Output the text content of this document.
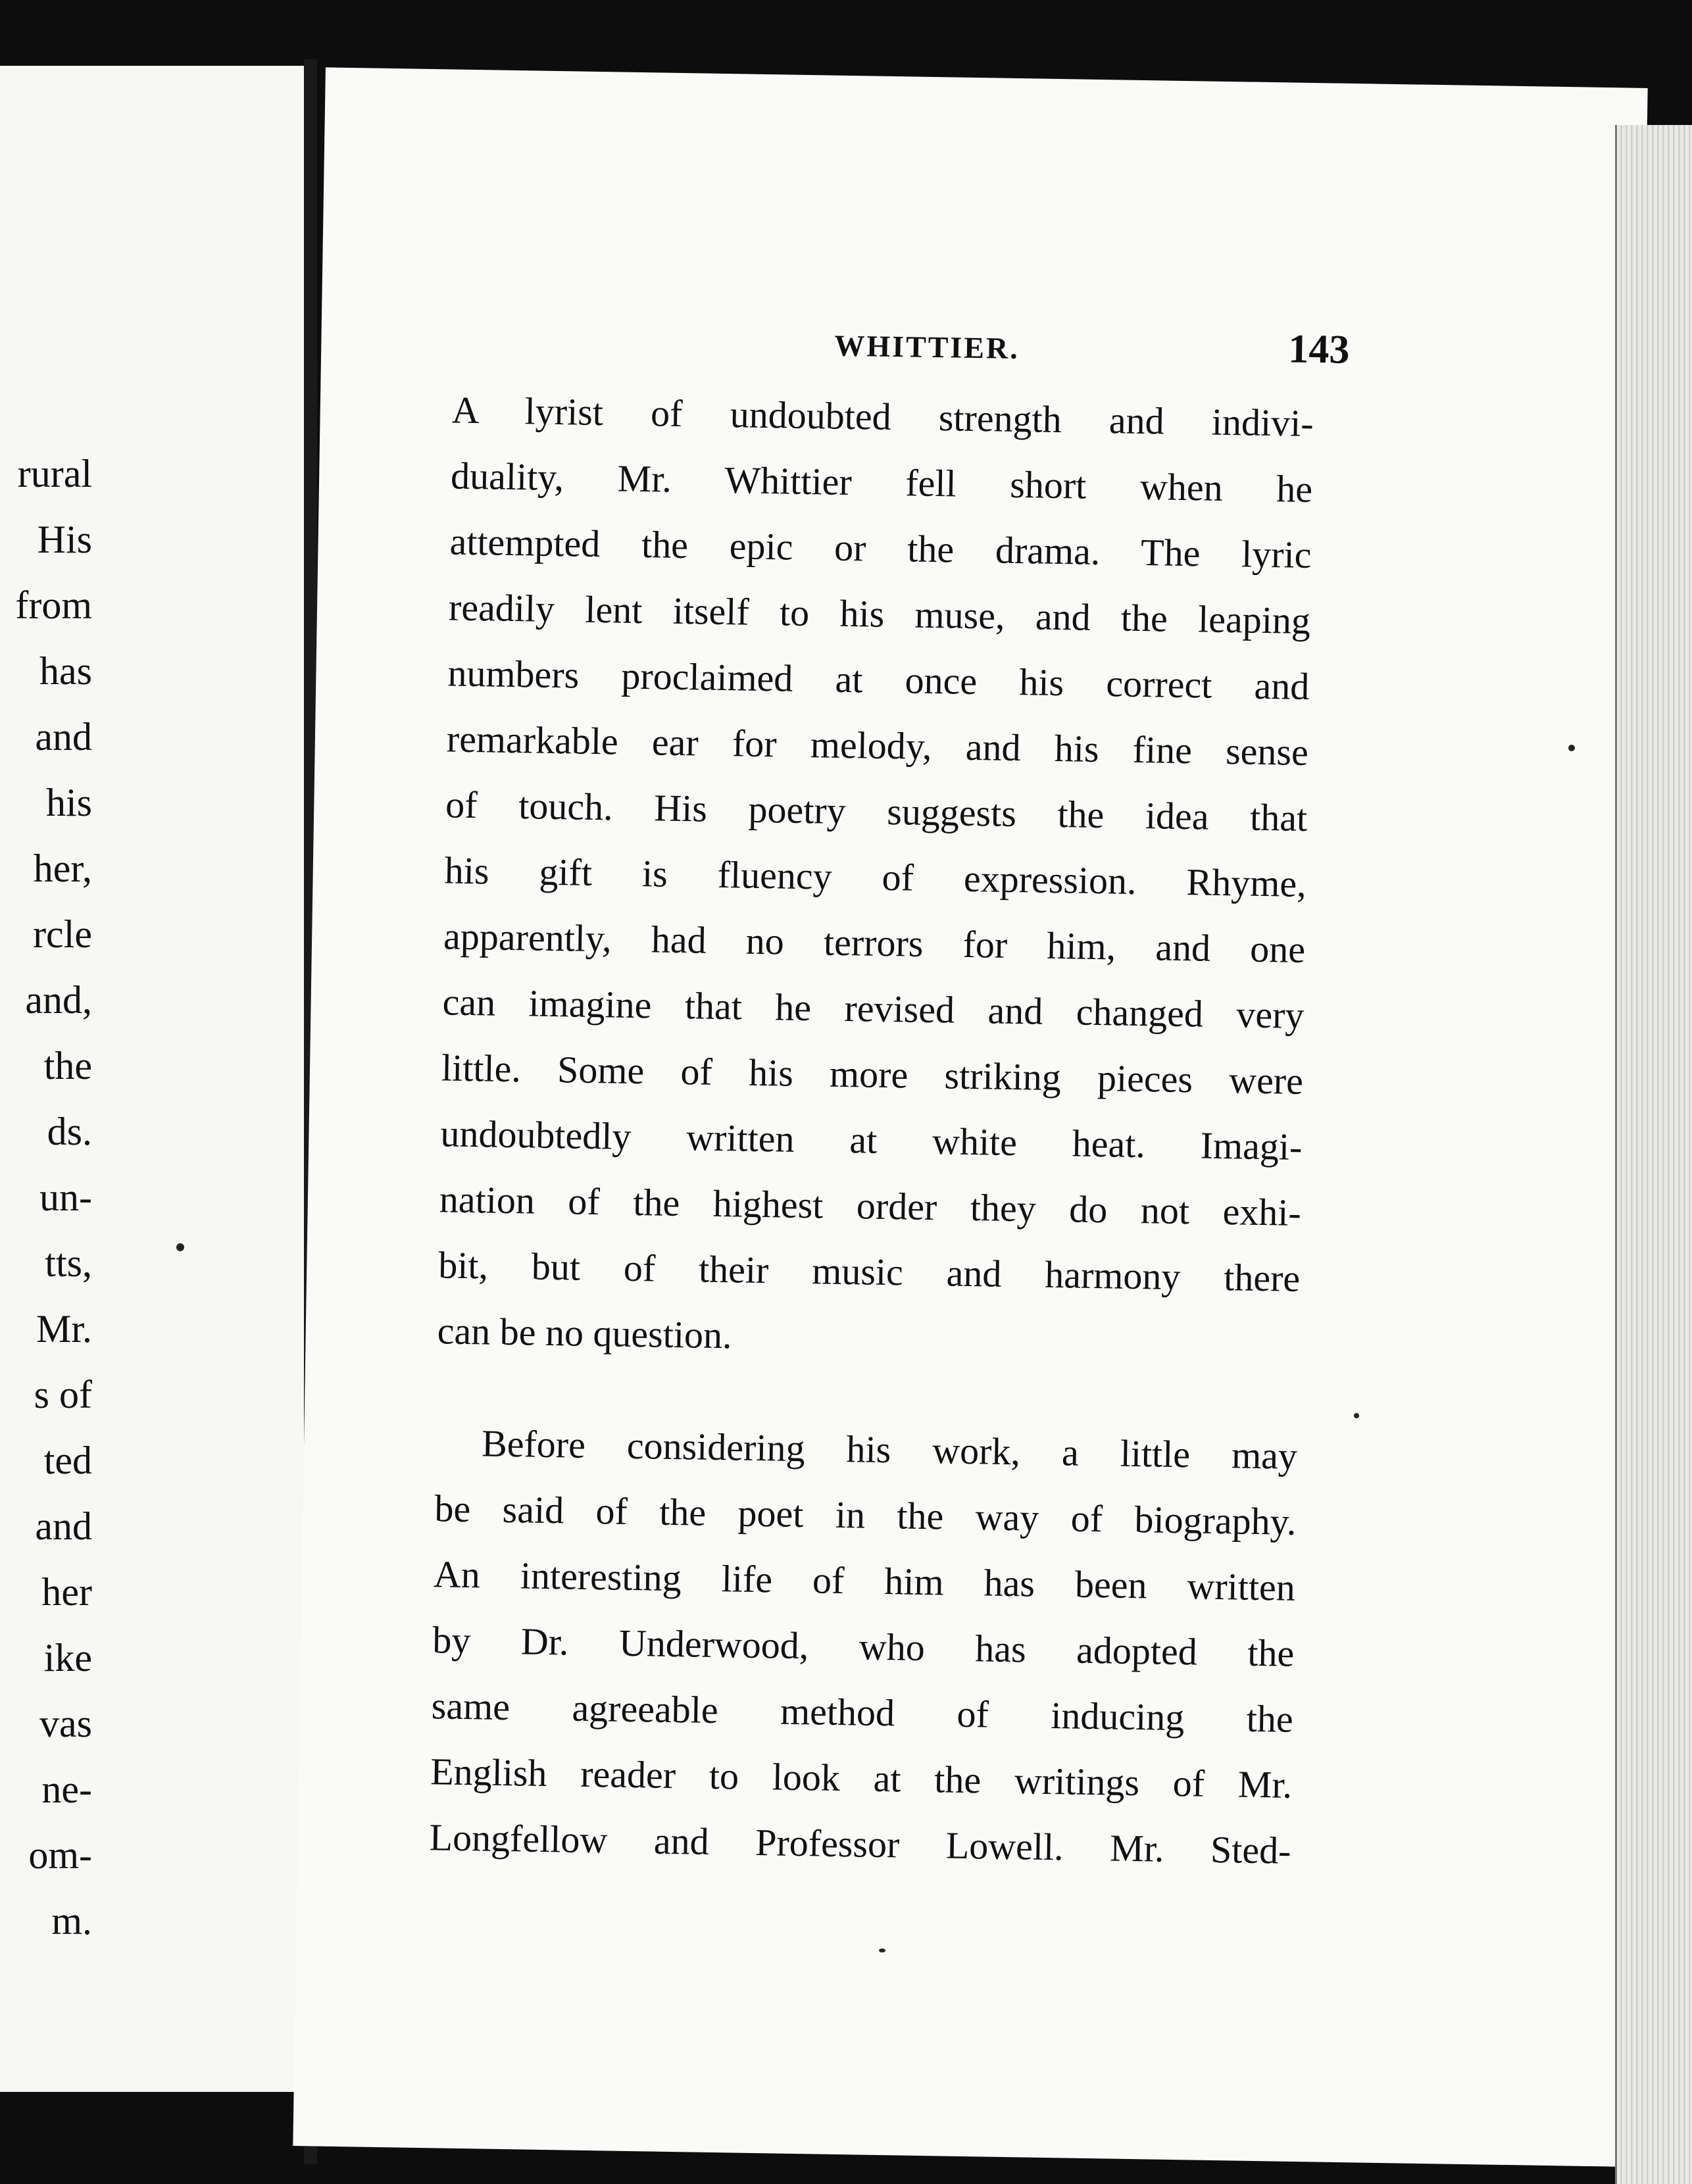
rural
His
from
has
and
his
her,
rcle
and,
the
ds.
un-
tts,
Mr.
s of
ted
and
her
ike
vas
ne-
om-
m.
WHITTIER.	143

A lyrist of undoubted strength and indivi-
duality, Mr. Whittier fell short when he
attempted the epic or the drama. The lyric
readily lent itself to his muse, and the leaping
numbers proclaimed at once his correct and
remarkable ear for melody, and his fine sense
of touch. His poetry suggests the idea that
his gift is fluency of expression. Rhyme,
apparently, had no terrors for him, and one
can imagine that he revised and changed very
little. Some of his more striking pieces were
undoubtedly written at white heat. Imagi-
nation of the highest order they do not exhi-
bit, but of their music and harmony there
can be no question.

Before considering his work, a little may
be said of the poet in the way of biography.
An interesting life of him has been written
by Dr. Underwood, who has adopted the
same agreeable method of inducing the
English reader to look at the writings of Mr.
Longfellow and Professor Lowell. Mr. Sted-
